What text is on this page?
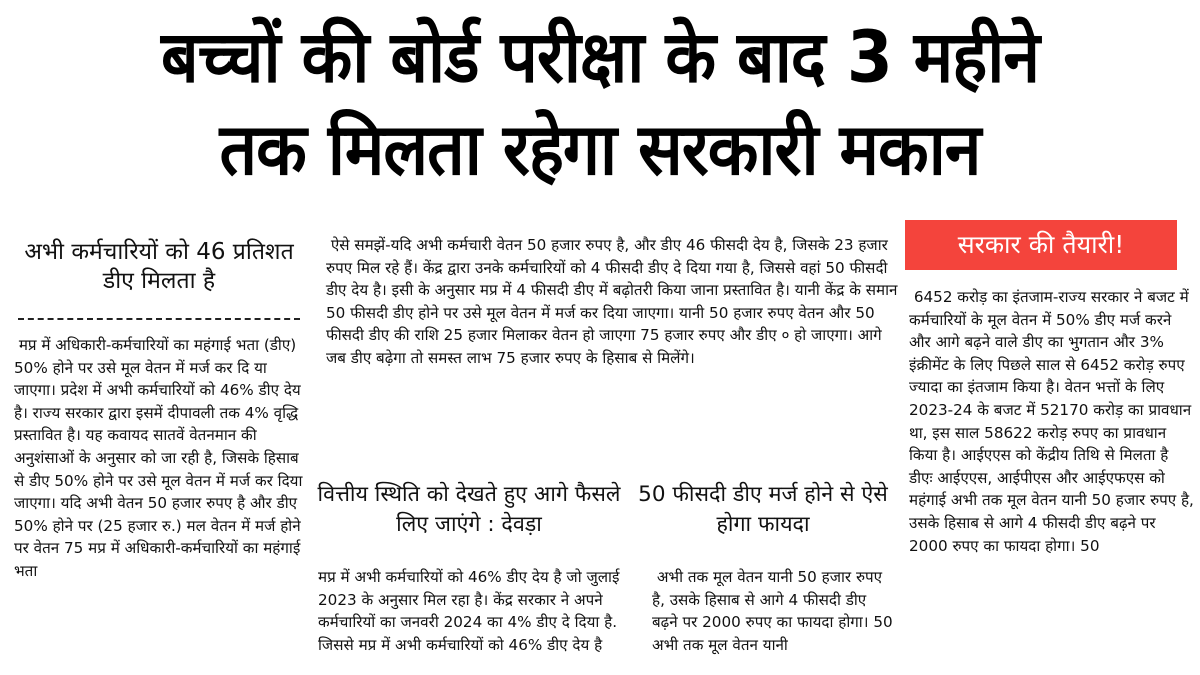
बच्चों की बोर्ड परीक्षा के बाद 3 महीने
तक मिलता रहेगा सरकारी मकान
अभी कर्मचारियों को 46 प्रतिशत डीए मिलता है
मप्र में अधिकारी-कर्मचारियों का महंगाई भता (डीए) 50% होने पर उसे मूल वेतन में मर्ज कर दि या जाएगा। प्रदेश में अभी कर्मचारियों को 46% डीए देय है। राज्य सरकार द्वारा इसमें दीपावली तक 4% वृद्धि प्रस्तावित है। यह कवायद सातवें वेतनमान की अनुशंसाओं के अनुसार को जा रही है, जिसके हिसाब से डीए 50% होने पर उसे मूल वेतन में मर्ज कर दिया जाएगा। यदि अभी वेतन 50 हजार रुपए है और डीए 50% होने पर (25 हजार रु.) मल वेतन में मर्ज होने पर वेतन 75 मप्र में अधिकारी-कर्मचारियों का महंगाई भता
ऐसे समझें-यदि अभी कर्मचारी वेतन 50 हजार रुपए है, और डीए 46 फीसदी देय है, जिसके 23 हजार रुपए मिल रहे हैं। केंद्र द्वारा उनके कर्मचारियों को 4 फीसदी डीए दे दिया गया है, जिससे वहां 50 फीसदी डीए देय है। इसी के अनुसार मप्र में 4 फीसदी डीए में बढ़ोतरी किया जाना प्रस्तावित है। यानी केंद्र के समान 50 फीसदी डीए होने पर उसे मूल वेतन में मर्ज कर दिया जाएगा। यानी 50 हजार रुपए वेतन और 50 फीसदी डीए की राशि 25 हजार मिलाकर वेतन हो जाएगा 75 हजार रुपए और डीए ० हो जाएगा। आगे जब डीए बढ़ेगा तो समस्त लाभ 75 हजार रुपए के हिसाब से मिलेंगे।
वित्तीय स्थिति को देखते हुए आगे फैसले लिए जाएंगे : देवड़ा
मप्र में अभी कर्मचारियों को 46% डीए देय है जो जुलाई 2023 के अनुसार मिल रहा है। केंद्र सरकार ने अपने कर्मचारियों का जनवरी 2024 का 4% डीए दे दिया है. जिससे मप्र में अभी कर्मचारियों को 46% डीए देय है
50 फीसदी डीए मर्ज होने से ऐसे होगा फायदा
अभी तक मूल वेतन यानी 50 हजार रुपए है, उसके हिसाब से आगे 4 फीसदी डीए बढ़ने पर 2000 रुपए का फायदा होगा। 50 अभी तक मूल वेतन यानी
सरकार की तैयारी!
6452 करोड़ का इंतजाम-राज्य सरकार ने बजट में कर्मचारियों के मूल वेतन में 50% डीए मर्ज करने और आगे बढ़ने वाले डीए का भुगतान और 3% इंक्रीमेंट के लिए पिछले साल से 6452 करोड़ रुपए ज्यादा का इंतजाम किया है। वेतन भत्तों के लिए 2023-24 के बजट में 52170 करोड़ का प्रावधान था, इस साल 58622 करोड़ रुपए का प्रावधान किया है। आईएएस को केंद्रीय तिथि से मिलता है डीएः आईएएस, आईपीएस और आईएफएस को महंगाई अभी तक मूल वेतन यानी 50 हजार रुपए है, उसके हिसाब से आगे 4 फीसदी डीए बढ़ने पर 2000 रुपए का फायदा होगा। 50
